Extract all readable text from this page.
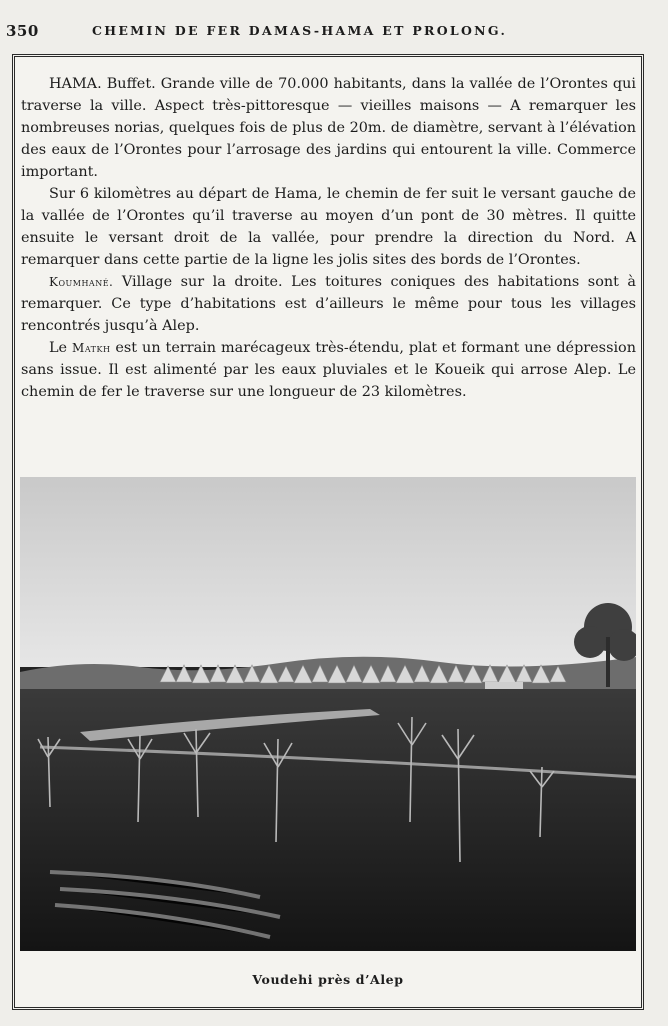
350	CHEMIN DE FER DAMAS-HAMA ET PROLONG.

HAMA. Buffet. Grande ville de 70.000 habitants, dans la vallée de l’Orontes qui traverse la ville. Aspect très-pittoresque — vieilles maisons — A remarquer les nombreuses norias, quelques fois de plus de 20m. de diamètre, servant à l’élévation des eaux de l’Orontes pour l’arrosage des jardins qui entourent la ville. Commerce important.

Sur 6 kilomètres au départ de Hama, le chemin de fer suit le versant gauche de la vallée de l’Orontes qu’il traverse au moyen d’un pont de 30 mètres. Il quitte ensuite le versant droit de la vallée, pour prendre la direction du Nord. A remarquer dans cette partie de la ligne les jolis sites des bords de l’Orontes.

Koumhané. Village sur la droite. Les toitures coniques des habitations sont à remarquer. Ce type d’habitations est d’ailleurs le même pour tous les villages rencontrés jusqu’à Alep.

Le Matkh est un terrain marécageux très-étendu, plat et formant une dépression sans issue. Il est alimenté par les eaux pluviales et le Koueik qui arrose Alep. Le chemin de fer le traverse sur une longueur de 23 kilomètres.

Voudehi près d’Alep
